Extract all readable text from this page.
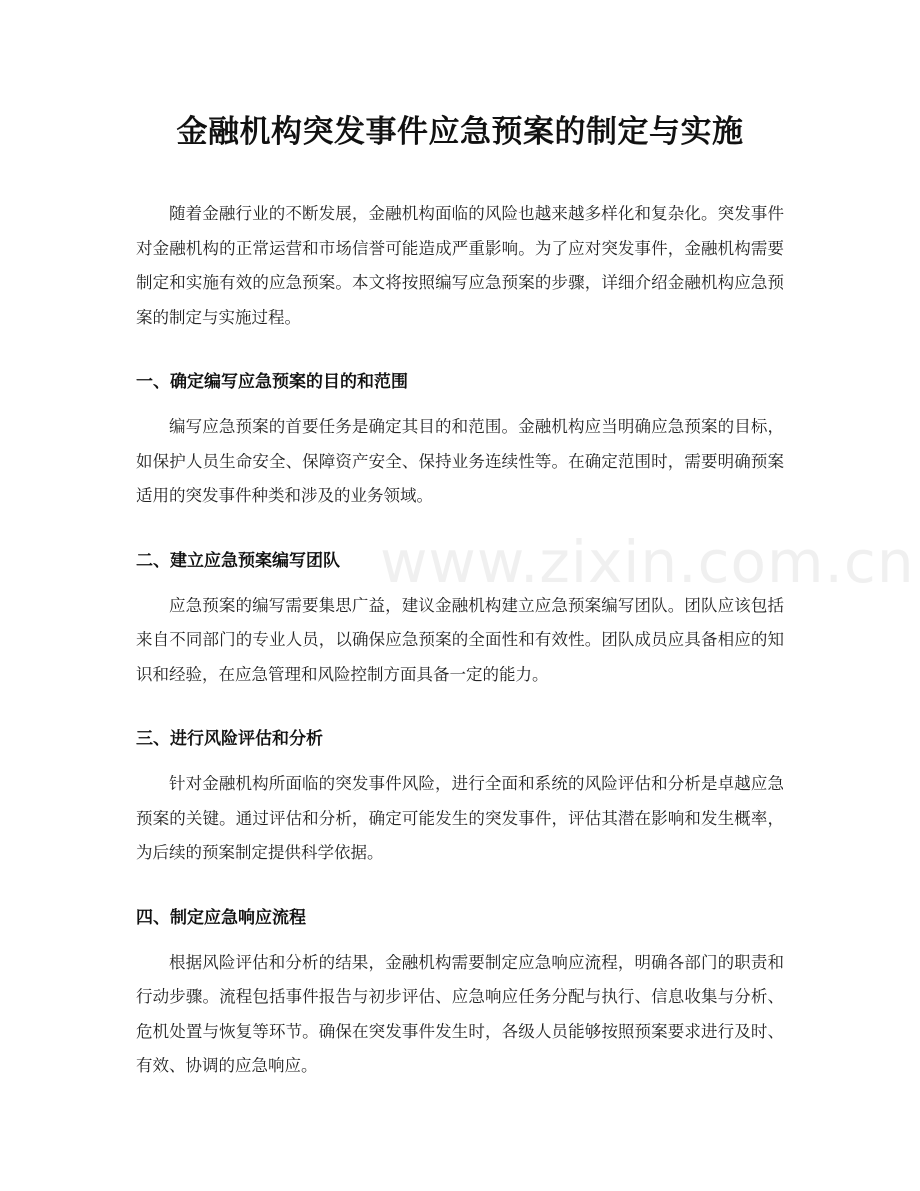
金融机构突发事件应急预案的制定与实施

随着金融行业的不断发展，金融机构面临的风险也越来越多样化和复杂化。突发事件对金融机构的正常运营和市场信誉可能造成严重影响。为了应对突发事件，金融机构需要制定和实施有效的应急预案。本文将按照编写应急预案的步骤，详细介绍金融机构应急预案的制定与实施过程。

一、确定编写应急预案的目的和范围

编写应急预案的首要任务是确定其目的和范围。金融机构应当明确应急预案的目标，如保护人员生命安全、保障资产安全、保持业务连续性等。在确定范围时，需要明确预案适用的突发事件种类和涉及的业务领域。

二、建立应急预案编写团队

应急预案的编写需要集思广益，建议金融机构建立应急预案编写团队。团队应该包括来自不同部门的专业人员，以确保应急预案的全面性和有效性。团队成员应具备相应的知识和经验，在应急管理和风险控制方面具备一定的能力。

三、进行风险评估和分析

针对金融机构所面临的突发事件风险，进行全面和系统的风险评估和分析是卓越应急预案的关键。通过评估和分析，确定可能发生的突发事件，评估其潜在影响和发生概率，为后续的预案制定提供科学依据。

四、制定应急响应流程

根据风险评估和分析的结果，金融机构需要制定应急响应流程，明确各部门的职责和行动步骤。流程包括事件报告与初步评估、应急响应任务分配与执行、信息收集与分析、危机处置与恢复等环节。确保在突发事件发生时，各级人员能够按照预案要求进行及时、有效、协调的应急响应。

www.zixin.com.cn
